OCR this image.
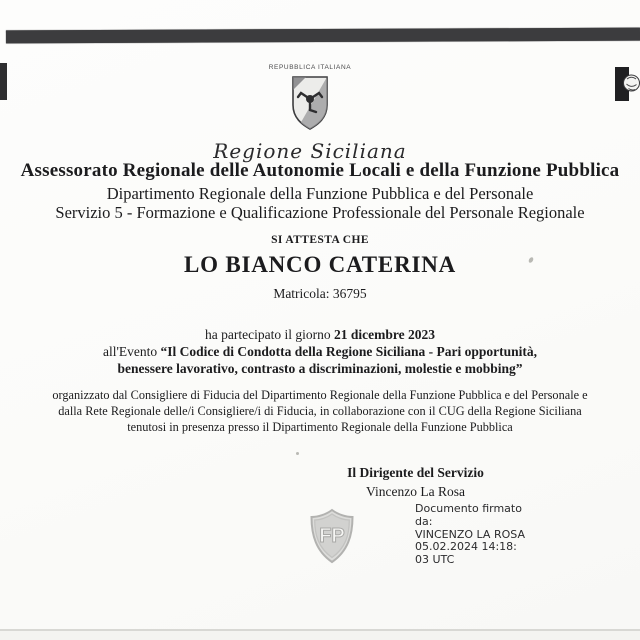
REPUBBLICA ITALIANA
Regione Siciliana
Assessorato Regionale delle Autonomie Locali e della Funzione Pubblica
Dipartimento Regionale della Funzione Pubblica e del Personale
Servizio 5 - Formazione e Qualificazione Professionale del Personale Regionale
SI ATTESTA CHE
LO BIANCO CATERINA
Matricola: 36795
ha partecipato il giorno 21 dicembre 2023
all'Evento “Il Codice di Condotta della Regione Siciliana - Pari opportunità,
benessere lavorativo, contrasto a discriminazioni, molestie e mobbing”
organizzato dal Consigliere di Fiducia del Dipartimento Regionale della Funzione Pubblica e del Personale e
dalla Rete Regionale delle/i Consigliere/i di Fiducia, in collaborazione con il CUG della Regione Siciliana
tenutosi in presenza presso il Dipartimento Regionale della Funzione Pubblica
Il Dirigente del Servizio
Vincenzo La Rosa
FP
Documento firmato
da:
VINCENZO LA ROSA
05.02.2024 14:18:
03 UTC
